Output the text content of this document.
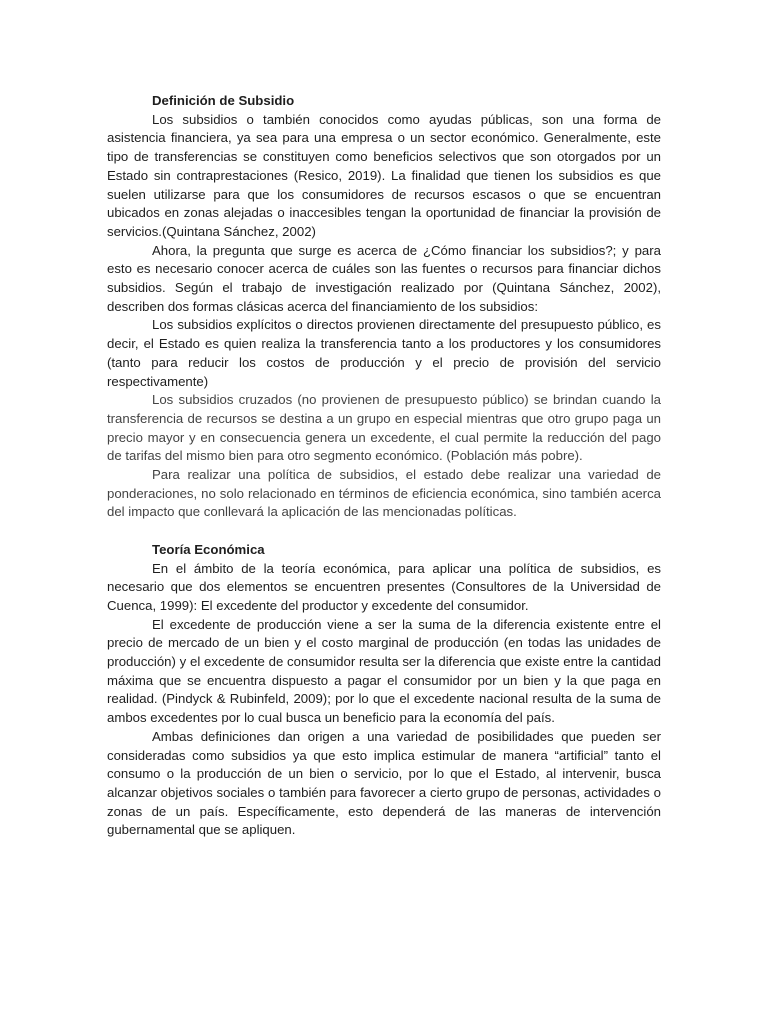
Definición de Subsidio

Los subsidios o también conocidos como ayudas públicas, son una forma de asistencia financiera, ya sea para una empresa o un sector económico. Generalmente, este tipo de transferencias se constituyen como beneficios selectivos que son otorgados por un Estado sin contraprestaciones (Resico, 2019). La finalidad que tienen los subsidios es que suelen utilizarse para que los consumidores de recursos escasos o que se encuentran ubicados en zonas alejadas o inaccesibles tengan la oportunidad de financiar la provisión de servicios.(Quintana Sánchez, 2002)

Ahora, la pregunta que surge es acerca de ¿Cómo financiar los subsidios?; y para esto es necesario conocer acerca de cuáles son las fuentes o recursos para financiar dichos subsidios. Según el trabajo de investigación realizado por (Quintana Sánchez, 2002), describen dos formas clásicas acerca del financiamiento de los subsidios:

Los subsidios explícitos o directos provienen directamente del presupuesto público, es decir, el Estado es quien realiza la transferencia tanto a los productores y los consumidores (tanto para reducir los costos de producción y el precio de provisión del servicio respectivamente)

Los subsidios cruzados (no provienen de presupuesto público) se brindan cuando la transferencia de recursos se destina a un grupo en especial mientras que otro grupo paga un precio mayor y en consecuencia genera un excedente, el cual permite la reducción del pago de tarifas del mismo bien para otro segmento económico. (Población más pobre).

Para realizar una política de subsidios, el estado debe realizar una variedad de ponderaciones, no solo relacionado en términos de eficiencia económica, sino también acerca del impacto que conllevará la aplicación de las mencionadas políticas.

Teoría Económica

En el ámbito de la teoría económica, para aplicar una política de subsidios, es necesario que dos elementos se encuentren presentes (Consultores de la Universidad de Cuenca, 1999): El excedente del productor y excedente del consumidor.

El excedente de producción viene a ser la suma de la diferencia existente entre el precio de mercado de un bien y el costo marginal de producción (en todas las unidades de producción) y el excedente de consumidor resulta ser la diferencia que existe entre la cantidad máxima que se encuentra dispuesto a pagar el consumidor por un bien y la que paga en realidad. (Pindyck & Rubinfeld, 2009); por lo que el excedente nacional resulta de la suma de ambos excedentes por lo cual busca un beneficio para la economía del país.

Ambas definiciones dan origen a una variedad de posibilidades que pueden ser consideradas como subsidios ya que esto implica estimular de manera “artificial” tanto el consumo o la producción de un bien o servicio, por lo que el Estado, al intervenir, busca alcanzar objetivos sociales o también para favorecer a cierto grupo de personas, actividades o zonas de un país. Específicamente, esto dependerá de las maneras de intervención gubernamental que se apliquen.
